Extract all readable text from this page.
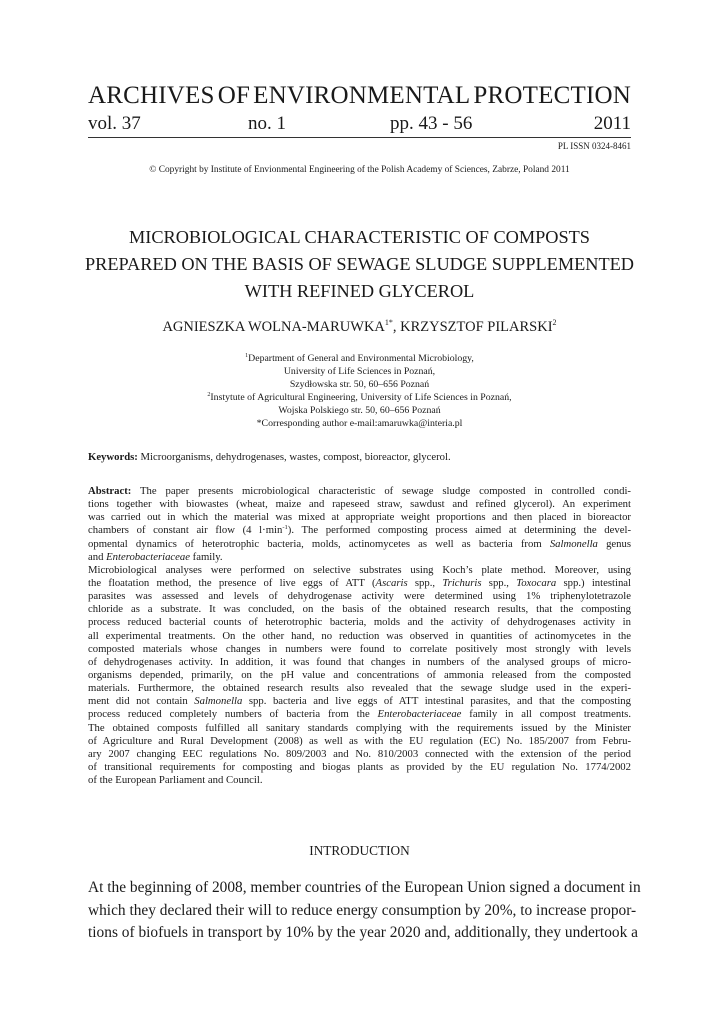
ARCHIVES OF ENVIRONMENTAL PROTECTION
vol. 37	no. 1	pp. 43 - 56	2011
PL ISSN 0324-8461
© Copyright by Institute of Envionmental Engineering of the Polish Academy of Sciences, Zabrze, Poland 2011
MICROBIOLOGICAL CHARACTERISTIC OF COMPOSTS
PREPARED ON THE BASIS OF SEWAGE SLUDGE SUPPLEMENTED
WITH REFINED GLYCEROL
AGNIESZKA WOLNA-$MARUWKA^{1*}$, KRZYSZTOF PILARSKI$^2$
$^1$Department of General and Environmental Microbiology,
University of Life Sciences in Poznań,
Szydłowska str. 50, 60–656 Poznań
$^2$Instytute of Agricultural Engineering, University of Life Sciences in Poznań,
Wojska Polskiego str. 50, 60–656 Poznań
*Corresponding author e-mail:amaruwka@interia.pl
Keywords: Microorganisms, dehydrogenases, wastes, compost, bioreactor, glycerol.
Abstract: The paper presents microbiological characteristic of sewage sludge composted in controlled condi-
tions together with biowastes (wheat, maize and rapeseed straw, sawdust and refined glycerol). An experiment
was carried out in which the material was mixed at appropriate weight proportions and then placed in bioreactor
chambers of constant air flow (4 $l\cdot\min^{-1}$). The performed composting process aimed at determining the devel-
opmental dynamics of heterotrophic bacteria, molds, actinomycetes as well as bacteria from Salmonella genus
and Enterobacteriaceae family.
Microbiological analyses were performed on selective substrates using Koch’s plate method. Moreover, using
the floatation method, the presence of live eggs of ATT (Ascaris spp., Trichuris spp., Toxocara spp.) intestinal
parasites was assessed and levels of dehydrogenase activity were determined using 1% triphenylotetrazole
chloride as a substrate. It was concluded, on the basis of the obtained research results, that the composting
process reduced bacterial counts of heterotrophic bacteria, molds and the activity of dehydrogenases activity in
all experimental treatments. On the other hand, no reduction was observed in quantities of actinomycetes in the
composted materials whose changes in numbers were found to correlate positively most strongly with levels
of dehydrogenases activity. In addition, it was found that changes in numbers of the analysed groups of micro-
organisms depended, primarily, on the pH value and concentrations of ammonia released from the composted
materials. Furthermore, the obtained research results also revealed that the sewage sludge used in the experi-
ment did not contain Salmonella spp. bacteria and live eggs of ATT intestinal parasites, and that the composting
process reduced completely numbers of bacteria from the Enterobacteriaceae family in all compost treatments.
The obtained composts fulfilled all sanitary standards complying with the requirements issued by the Minister
of Agriculture and Rural Development (2008) as well as with the EU regulation (EC) No. 185/2007 from Febru-
ary 2007 changing EEC regulations No. 809/2003 and No. 810/2003 connected with the extension of the period
of transitional requirements for composting and biogas plants as provided by the EU regulation No. 1774/2002
of the European Parliament and Council.
INTRODUCTION
At the beginning of 2008, member countries of the European Union signed a document in
which they declared their will to reduce energy consumption by 20%, to increase propor-
tions of biofuels in transport by 10% by the year 2020 and, additionally, they undertook a
